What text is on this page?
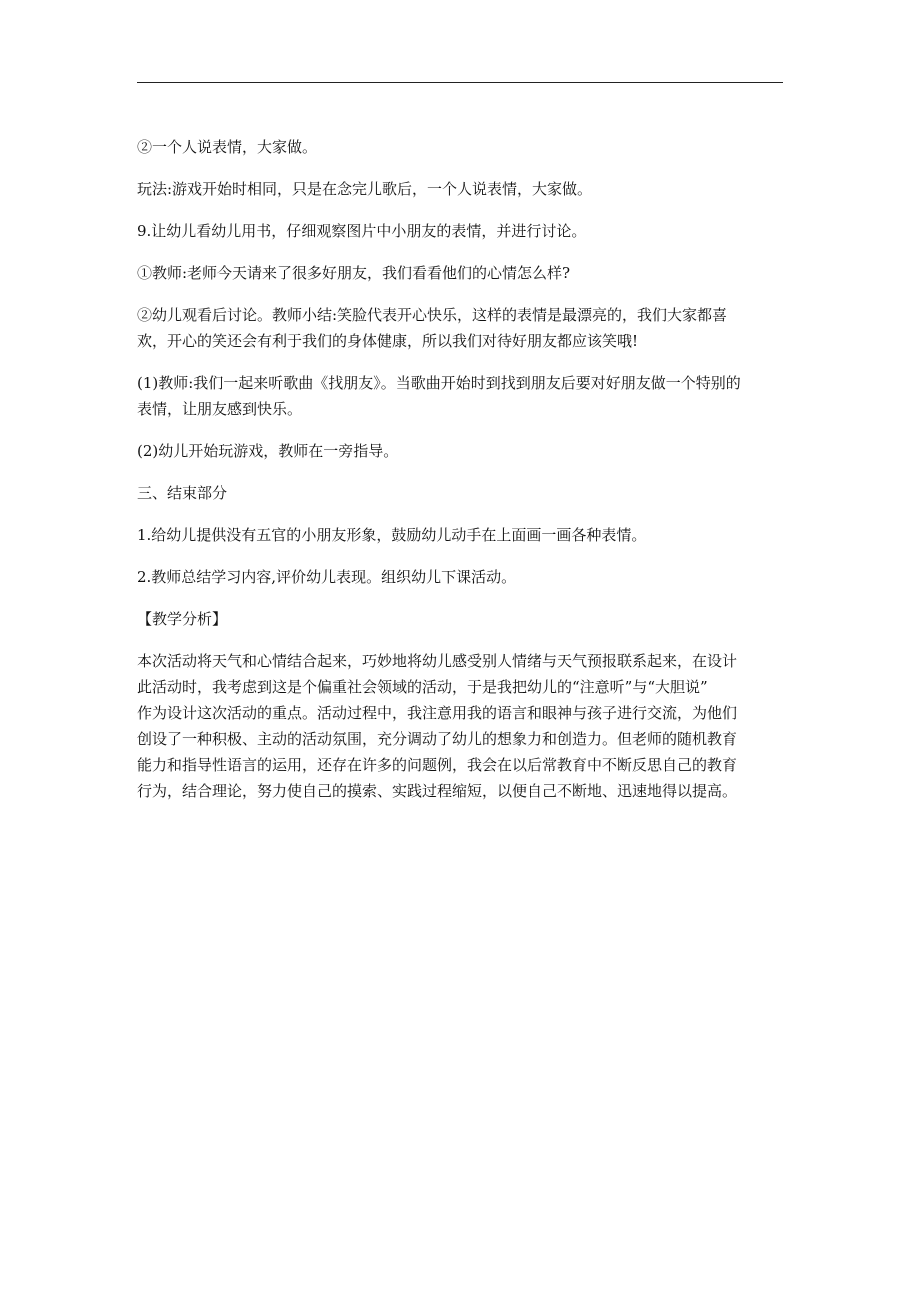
②一个人说表情，大家做。

玩法:游戏开始时相同，只是在念完儿歌后，一个人说表情，大家做。

9.让幼儿看幼儿用书，仔细观察图片中小朋友的表情，并进行讨论。

①教师:老师今天请来了很多好朋友，我们看看他们的心情怎么样?

②幼儿观看后讨论。教师小结:笑脸代表开心快乐，这样的表情是最漂亮的，我们大家都喜
欢，开心的笑还会有利于我们的身体健康，所以我们对待好朋友都应该笑哦!

(1)教师:我们一起来听歌曲《找朋友》。当歌曲开始时到找到朋友后要对好朋友做一个特别的
表情，让朋友感到快乐。

(2)幼儿开始玩游戏，教师在一旁指导。

三、结束部分

1.给幼儿提供没有五官的小朋友形象，鼓励幼儿动手在上面画一画各种表情。

2.教师总结学习内容,评价幼儿表现。组织幼儿下课活动。

【教学分析】

本次活动将天气和心情结合起来，巧妙地将幼儿感受别人情绪与天气预报联系起来，在设计
此活动时，我考虑到这是个偏重社会领域的活动，于是我把幼儿的“注意听”与“大胆说”
作为设计这次活动的重点。活动过程中，我注意用我的语言和眼神与孩子进行交流，为他们
创设了一种积极、主动的活动氛围，充分调动了幼儿的想象力和创造力。但老师的随机教育
能力和指导性语言的运用，还存在许多的问题例，我会在以后常教育中不断反思自己的教育
行为，结合理论，努力使自己的摸索、实践过程缩短，以便自己不断地、迅速地得以提高。
